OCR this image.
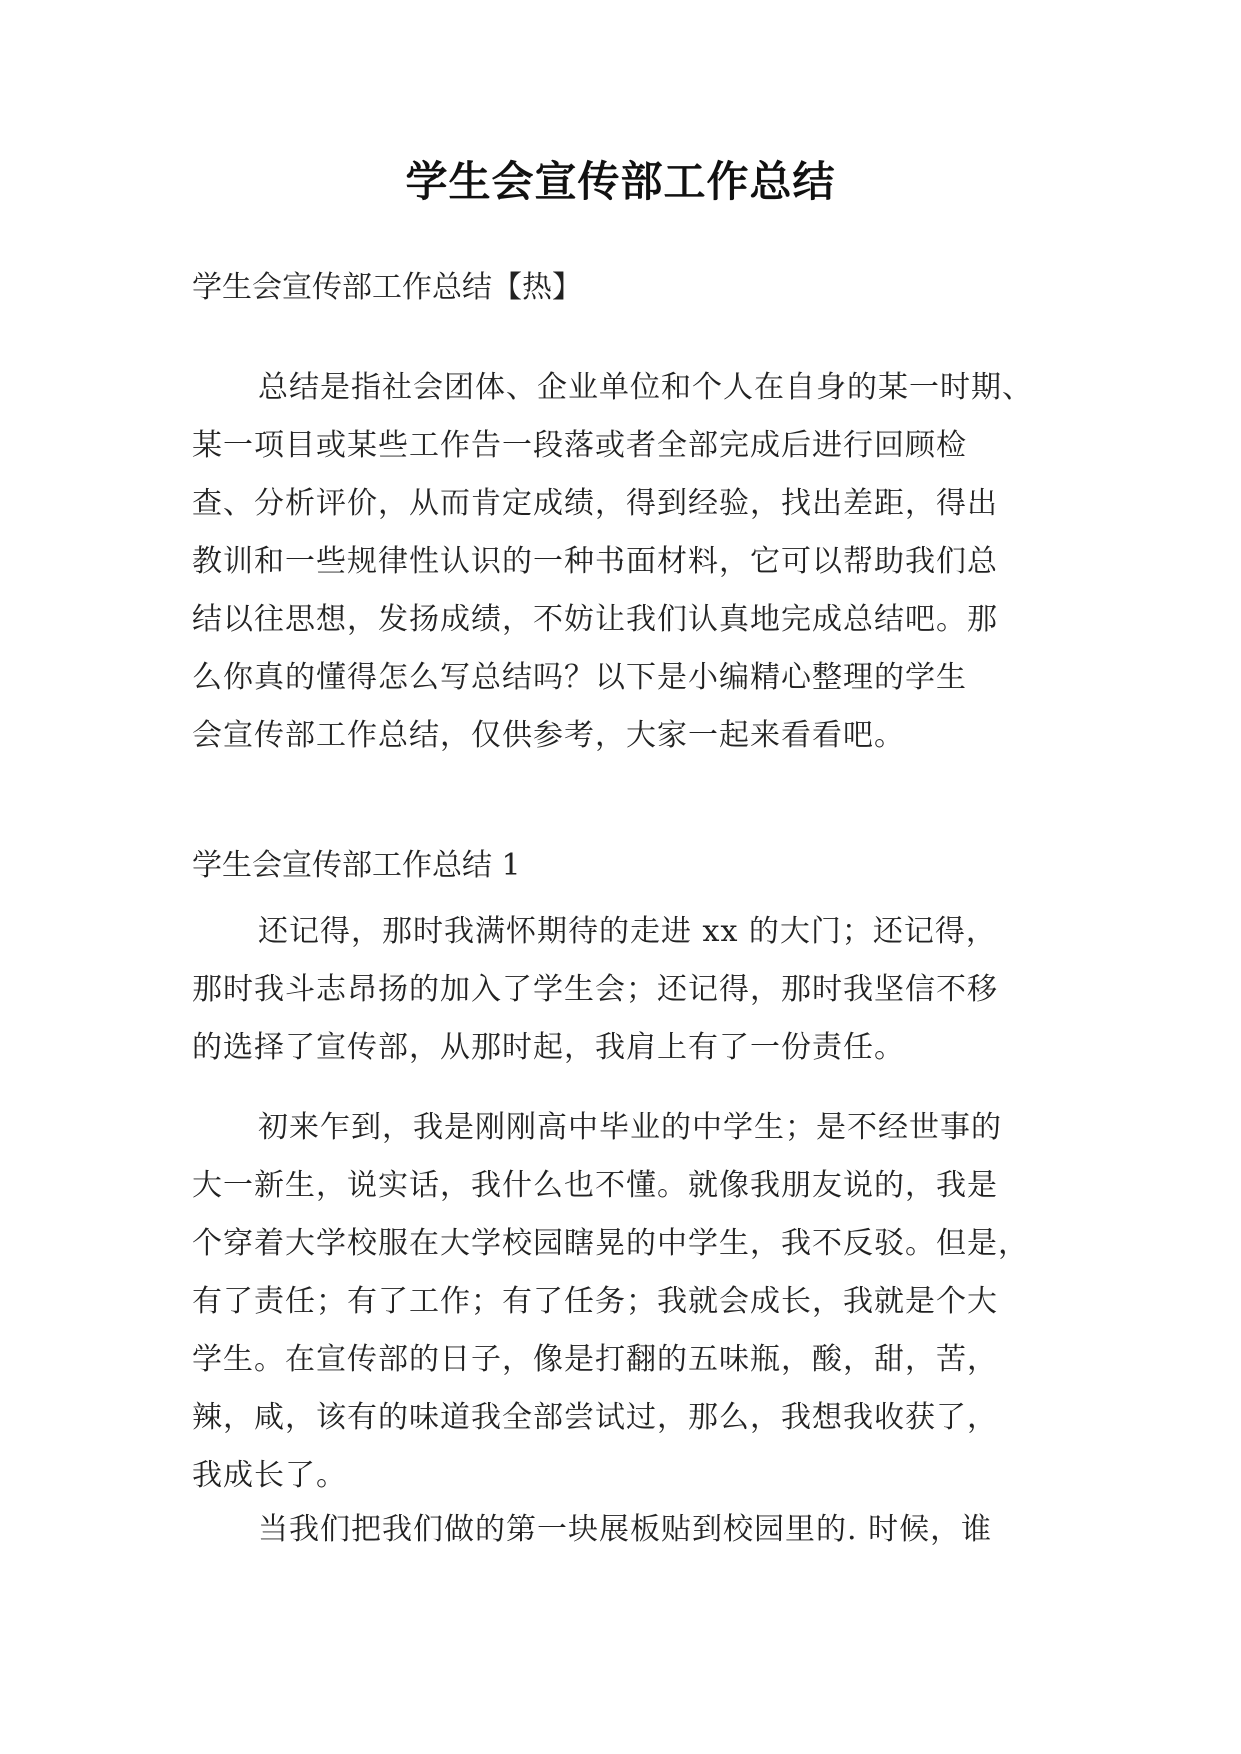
学生会宣传部工作总结
学生会宣传部工作总结【热】
总结是指社会团体、企业单位和个人在自身的某一时期、
某一项目或某些工作告一段落或者全部完成后进行回顾检
查、分析评价，从而肯定成绩，得到经验，找出差距，得出
教训和一些规律性认识的一种书面材料，它可以帮助我们总
结以往思想，发扬成绩，不妨让我们认真地完成总结吧。那
么你真的懂得怎么写总结吗？以下是小编精心整理的学生
会宣传部工作总结，仅供参考，大家一起来看看吧。
学生会宣传部工作总结 1
还记得，那时我满怀期待的走进 xx 的大门；还记得，
那时我斗志昂扬的加入了学生会；还记得，那时我坚信不移
的选择了宣传部，从那时起，我肩上有了一份责任。
初来乍到，我是刚刚高中毕业的中学生；是不经世事的
大一新生，说实话，我什么也不懂。就像我朋友说的，我是
个穿着大学校服在大学校园瞎晃的中学生，我不反驳。但是，
有了责任；有了工作；有了任务；我就会成长，我就是个大
学生。在宣传部的日子，像是打翻的五味瓶，酸，甜，苦，
辣，咸，该有的味道我全部尝试过，那么，我想我收获了，
我成长了。
当我们把我们做的第一块展板贴到校园里的. 时候，谁
